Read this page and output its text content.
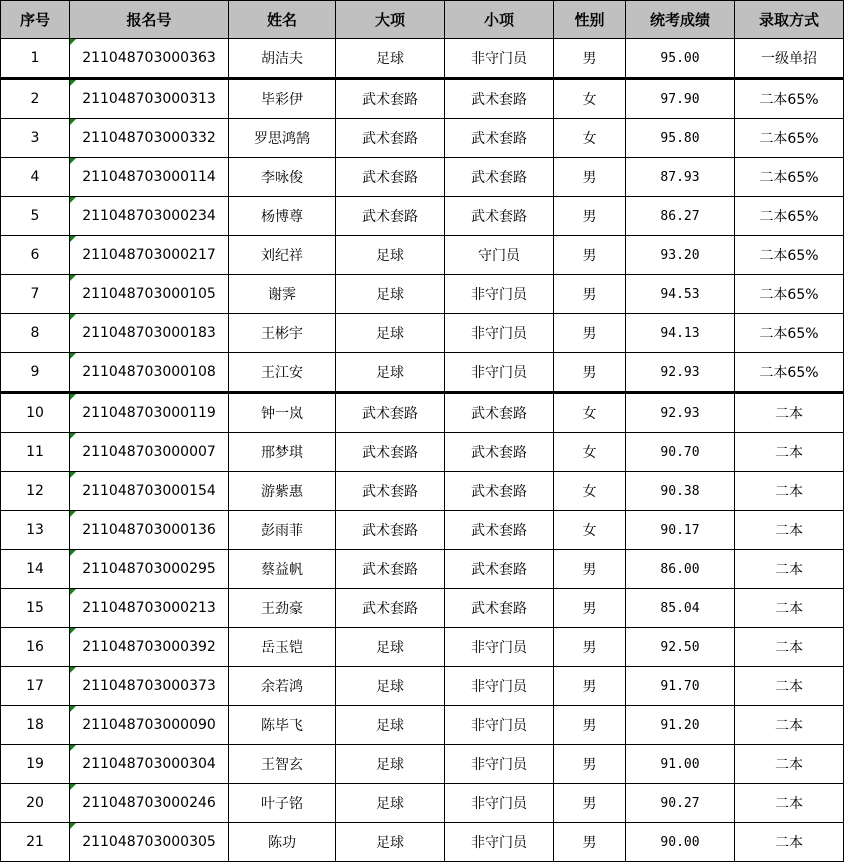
序号	报名号	姓名	大项	小项	性别	统考成绩	录取方式
1	211048703000363	胡洁夫	足球	非守门员	男	95.00	一级单招
2	211048703000313	毕彩伊	武术套路	武术套路	女	97.90	二本65%
3	211048703000332	罗思鸿鹄	武术套路	武术套路	女	95.80	二本65%
4	211048703000114	李咏俊	武术套路	武术套路	男	87.93	二本65%
5	211048703000234	杨博尊	武术套路	武术套路	男	86.27	二本65%
6	211048703000217	刘纪祥	足球	守门员	男	93.20	二本65%
7	211048703000105	谢霁	足球	非守门员	男	94.53	二本65%
8	211048703000183	王彬宇	足球	非守门员	男	94.13	二本65%
9	211048703000108	王江安	足球	非守门员	男	92.93	二本65%
10	211048703000119	钟一岚	武术套路	武术套路	女	92.93	二本
11	211048703000007	邢梦琪	武术套路	武术套路	女	90.70	二本
12	211048703000154	游紫惠	武术套路	武术套路	女	90.38	二本
13	211048703000136	彭雨菲	武术套路	武术套路	女	90.17	二本
14	211048703000295	蔡益帆	武术套路	武术套路	男	86.00	二本
15	211048703000213	王劲豪	武术套路	武术套路	男	85.04	二本
16	211048703000392	岳玉铠	足球	非守门员	男	92.50	二本
17	211048703000373	余若鸿	足球	非守门员	男	91.70	二本
18	211048703000090	陈毕飞	足球	非守门员	男	91.20	二本
19	211048703000304	王智玄	足球	非守门员	男	91.00	二本
20	211048703000246	叶子铭	足球	非守门员	男	90.27	二本
21	211048703000305	陈功	足球	非守门员	男	90.00	二本
